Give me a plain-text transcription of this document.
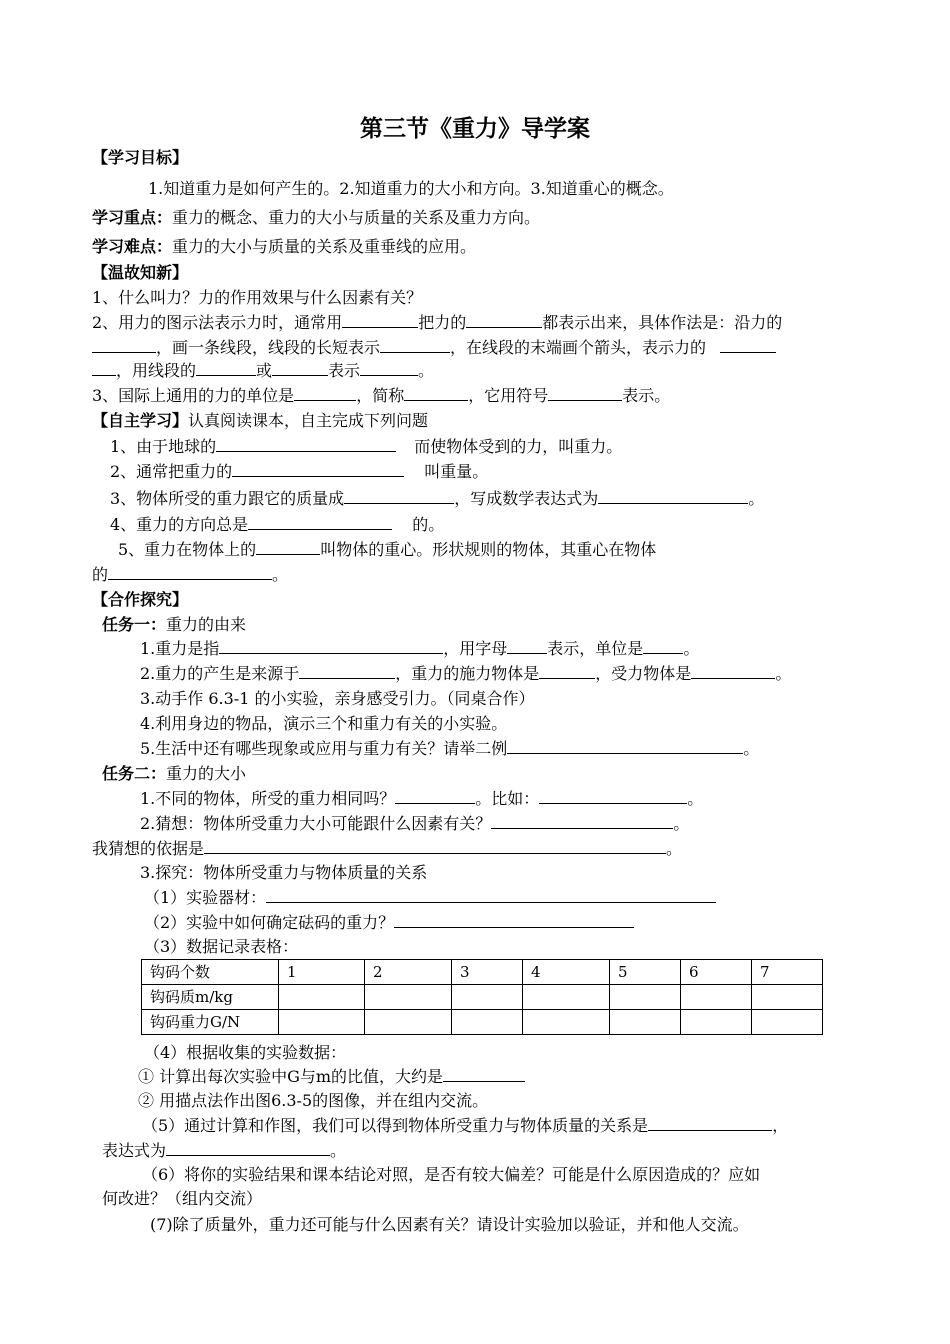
第三节《重力》导学案
【学习目标】
1.知道重力是如何产生的。2.知道重力的大小和方向。3.知道重心的概念。
学习重点：重力的概念、重力的大小与质量的关系及重力方向。
学习难点：重力的大小与质量的关系及重垂线的应用。
【温故知新】
1、什么叫力？力的作用效果与什么因素有关？
2、用力的图示法表示力时，通常用	把力的	都表示出来，具体作法是：沿力的
，画一条线段，线段的长短表示	，在线段的末端画个箭头，表示力的
，用线段的	或	表示	。
3、国际上通用的力的单位是	，简称	，它用符号	表示。
【自主学习】认真阅读课本，自主完成下列问题
1、由于地球的	而使物体受到的力，叫重力。
2、通常把重力的	叫重量。
3、物体所受的重力跟它的质量成	，写成数学表达式为	。
4、重力的方向总是	的。
5、重力在物体上的	叫物体的重心。形状规则的物体，其重心在物体
的	。
【合作探究】
任务一：重力的由来
1.重力是指	，用字母	表示，单位是	。
2.重力的产生是来源于	，重力的施力物体是	，受力物体是	。
3.动手作 6.3-1 的小实验，亲身感受引力。（同桌合作）
4.利用身边的物品，演示三个和重力有关的小实验。
5.生活中还有哪些现象或应用与重力有关？请举二例	。
任务二：重力的大小
1.不同的物体，所受的重力相同吗？	。比如：	。
2.猜想：物体所受重力大小可能跟什么因素有关？	。
我猜想的依据是	。
3.探究：物体所受重力与物体质量的关系
（1）实验器材：
（2）实验中如何确定砝码的重力？
（3）数据记录表格：
钩码个数	1	2	3	4	5	6	7
钩码质m/kg							
钩码重力G/N							
（4）根据收集的实验数据：
① 计算出每次实验中G与m的比值，大约是
② 用描点法作出图6.3-5的图像，并在组内交流。
（5）通过计算和作图，我们可以得到物体所受重力与物体质量的关系是	，
表达式为	。
（6）将你的实验结果和课本结论对照，是否有较大偏差？可能是什么原因造成的？应如
何改进？（组内交流）
(7)除了质量外，重力还可能与什么因素有关？请设计实验加以验证，并和他人交流。
